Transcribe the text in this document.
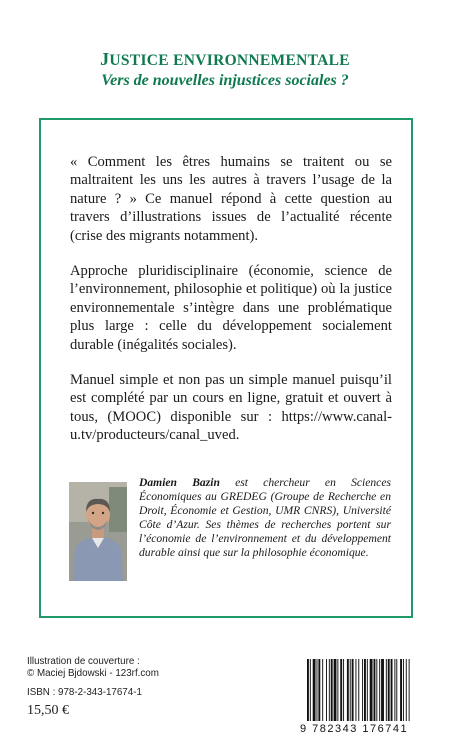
JUSTICE ENVIRONNEMENTALE
Vers de nouvelles injustices sociales ?

« Comment les êtres humains se traitent ou se maltraitent les uns les autres à travers l’usage de la nature ? » Ce manuel répond à cette question au travers d’illustrations issues de l’actualité récente (crise des migrants notamment).

Approche pluridisciplinaire (économie, science de l’environnement, philosophie et politique) où la justice environnementale s’intègre dans une problématique plus large : celle du développement socialement durable (inégalités sociales).

Manuel simple et non pas un simple manuel puisqu’il est complété par un cours en ligne, gratuit et ouvert à tous, (MOOC) disponible sur : https://www.canal-u.tv/producteurs/canal_uved.

Damien Bazin est chercheur en Sciences Économiques au GREDEG (Groupe de Recherche en Droit, Économie et Gestion, UMR CNRS), Université Côte d’Azur. Ses thèmes de recherches portent sur l’économie de l’environnement et du développement durable ainsi que sur la philosophie économique.
Illustration de couverture :
© Maciej Bjdowski - 123rf.com
ISBN : 978-2-343-17674-1
15,50 €
9 782343 176741
